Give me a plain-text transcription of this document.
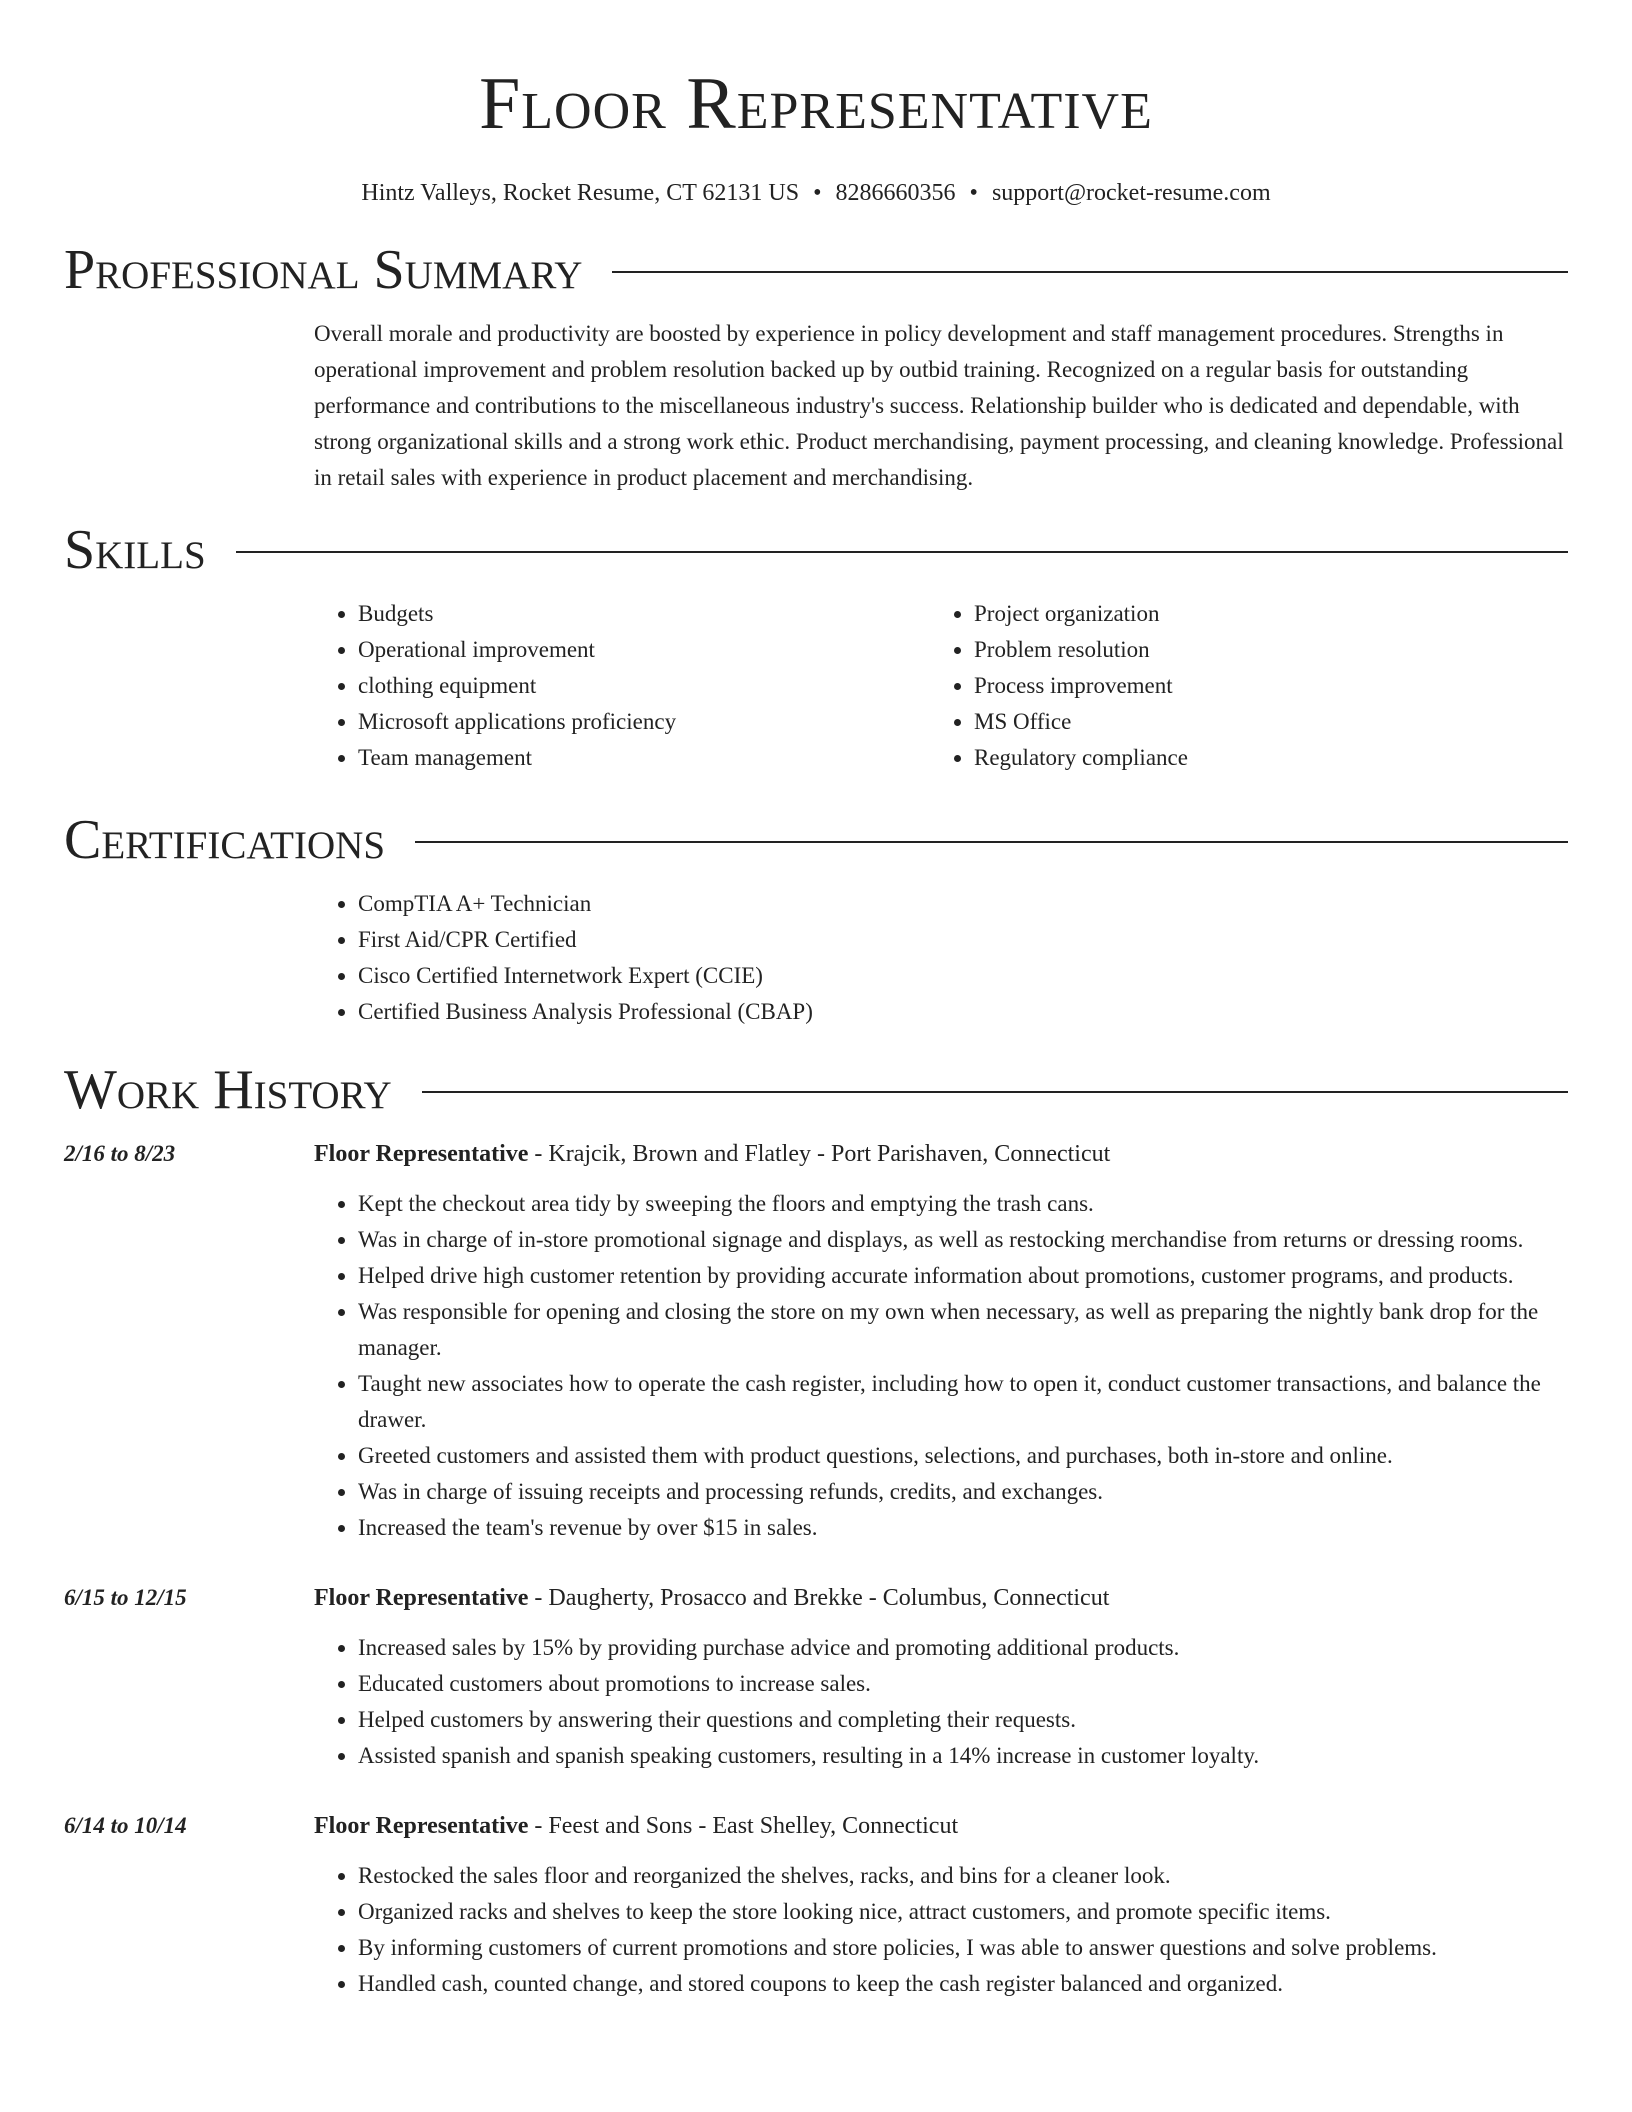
Floor Representative
Hintz Valleys, Rocket Resume, CT 62131 US • 8286660356 • support@rocket-resume.com
Professional Summary

Overall morale and productivity are boosted by experience in policy development and staff management procedures. Strengths in operational improvement and problem resolution backed up by outbid training. Recognized on a regular basis for outstanding performance and contributions to the miscellaneous industry's success. Relationship builder who is dedicated and dependable, with strong organizational skills and a strong work ethic. Product merchandising, payment processing, and cleaning knowledge. Professional in retail sales with experience in product placement and merchandising.

Skills
• Budgets
• Operational improvement
• clothing equipment
• Microsoft applications proficiency
• Team management
• Project organization
• Problem resolution
• Process improvement
• MS Office
• Regulatory compliance
Certifications
• CompTIA A+ Technician
• First Aid/CPR Certified
• Cisco Certified Internetwork Expert (CCIE)
• Certified Business Analysis Professional (CBAP)
Work History
2/16 to 8/23	Floor Representative - Krajcik, Brown and Flatley - Port Parishaven, Connecticut
• Kept the checkout area tidy by sweeping the floors and emptying the trash cans.
• Was in charge of in-store promotional signage and displays, as well as restocking merchandise from returns or dressing rooms.
• Helped drive high customer retention by providing accurate information about promotions, customer programs, and products.
• Was responsible for opening and closing the store on my own when necessary, as well as preparing the nightly bank drop for the manager.
• Taught new associates how to operate the cash register, including how to open it, conduct customer transactions, and balance the drawer.
• Greeted customers and assisted them with product questions, selections, and purchases, both in-store and online.
• Was in charge of issuing receipts and processing refunds, credits, and exchanges.
• Increased the team's revenue by over $15 in sales.
6/15 to 12/15	Floor Representative - Daugherty, Prosacco and Brekke - Columbus, Connecticut
• Increased sales by 15% by providing purchase advice and promoting additional products.
• Educated customers about promotions to increase sales.
• Helped customers by answering their questions and completing their requests.
• Assisted spanish and spanish speaking customers, resulting in a 14% increase in customer loyalty.
6/14 to 10/14	Floor Representative - Feest and Sons - East Shelley, Connecticut
• Restocked the sales floor and reorganized the shelves, racks, and bins for a cleaner look.
• Organized racks and shelves to keep the store looking nice, attract customers, and promote specific items.
• By informing customers of current promotions and store policies, I was able to answer questions and solve problems.
• Handled cash, counted change, and stored coupons to keep the cash register balanced and organized.
